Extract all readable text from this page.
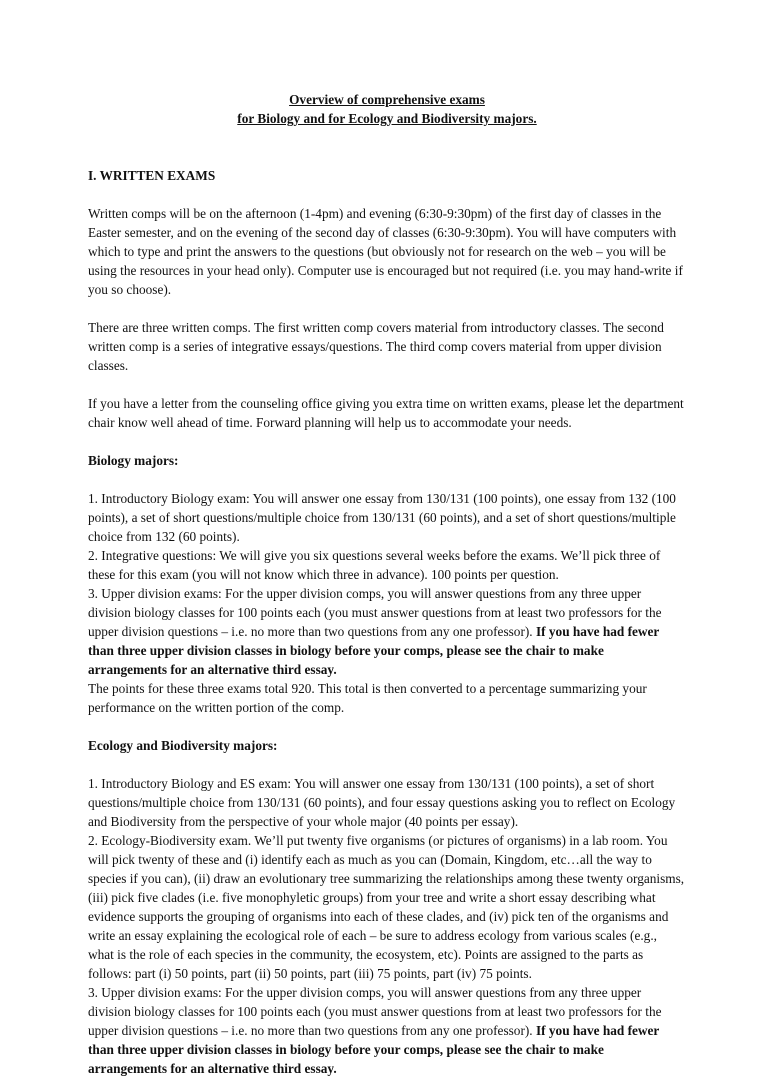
Overview of comprehensive exams
for Biology and for Ecology and Biodiversity majors.
I. WRITTEN EXAMS
Written comps will be on the afternoon (1-4pm) and evening (6:30-9:30pm) of the first day of classes in the Easter semester, and on the evening of the second day of classes (6:30-9:30pm). You will have computers with which to type and print the answers to the questions (but obviously not for research on the web – you will be using the resources in your head only). Computer use is encouraged but not required (i.e. you may hand-write if you so choose).
There are three written comps. The first written comp covers material from introductory classes. The second written comp is a series of integrative essays/questions. The third comp covers material from upper division classes.
If you have a letter from the counseling office giving you extra time on written exams, please let the department chair know well ahead of time. Forward planning will help us to accommodate your needs.
Biology majors:
1. Introductory Biology exam: You will answer one essay from 130/131 (100 points), one essay from 132 (100 points), a set of short questions/multiple choice from 130/131 (60 points), and a set of short questions/multiple choice from 132 (60 points).
2. Integrative questions: We will give you six questions several weeks before the exams. We’ll pick three of these for this exam (you will not know which three in advance). 100 points per question.
3. Upper division exams: For the upper division comps, you will answer questions from any three upper division biology classes for 100 points each (you must answer questions from at least two professors for the upper division questions – i.e. no more than two questions from any one professor). If you have had fewer than three upper division classes in biology before your comps, please see the chair to make arrangements for an alternative third essay.
The points for these three exams total 920. This total is then converted to a percentage summarizing your performance on the written portion of the comp.
Ecology and Biodiversity majors:
1. Introductory Biology and ES exam: You will answer one essay from 130/131 (100 points), a set of short questions/multiple choice from 130/131 (60 points), and four essay questions asking you to reflect on Ecology and Biodiversity from the perspective of your whole major (40 points per essay).
2. Ecology-Biodiversity exam. We’ll put twenty five organisms (or pictures of organisms) in a lab room. You will pick twenty of these and (i) identify each as much as you can (Domain, Kingdom, etc…all the way to species if you can), (ii) draw an evolutionary tree summarizing the relationships among these twenty organisms, (iii) pick five clades (i.e. five monophyletic groups) from your tree and write a short essay describing what evidence supports the grouping of organisms into each of these clades, and (iv) pick ten of the organisms and write an essay explaining the ecological role of each – be sure to address ecology from various scales (e.g., what is the role of each species in the community, the ecosystem, etc). Points are assigned to the parts as follows: part (i) 50 points, part (ii) 50 points, part (iii) 75 points, part (iv) 75 points.
3. Upper division exams: For the upper division comps, you will answer questions from any three upper division biology classes for 100 points each (you must answer questions from at least two professors for the upper division questions – i.e. no more than two questions from any one professor). If you have had fewer than three upper division classes in biology before your comps, please see the chair to make arrangements for an alternative third essay.
